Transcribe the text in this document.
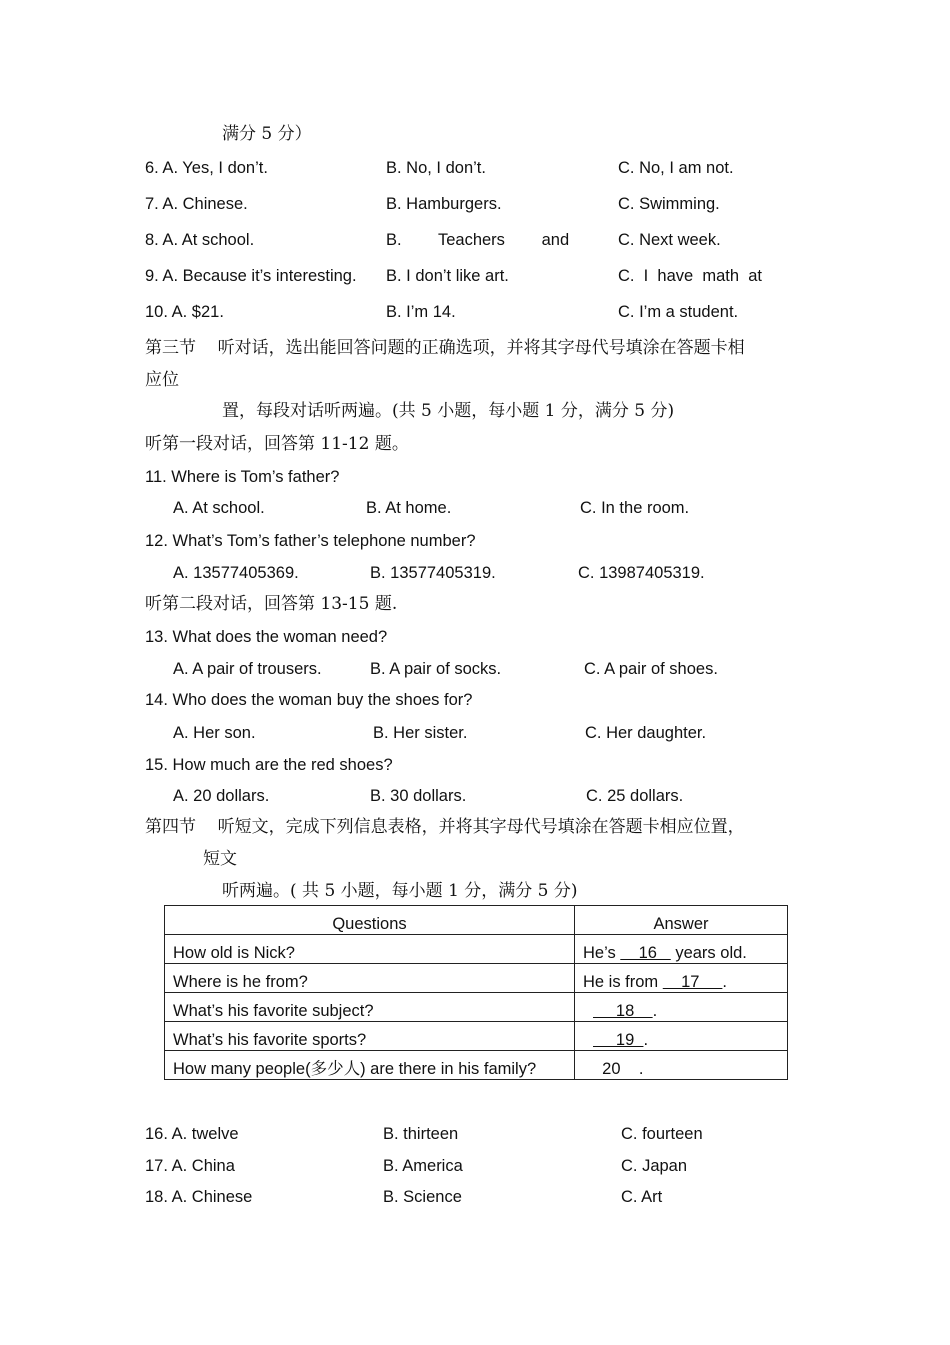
满分 5 分）
6. A. Yes, I don’t.	B. No, I don’t.	C. No, I am not.
7. A. Chinese.	B. Hamburgers.	C. Swimming.
8. A. At school.	B.        Teachers        and	C. Next week.
9. A. Because it’s interesting. B. I don’t like art.	C.  I  have  math  at
10. A. $21.	B. I’m 14.	C. I’m a student.
第三节    听对话，选出能回答问题的正确选项，并将其字母代号填涂在答题卡相
应位
置，每段对话听两遍。(共 5 小题，每小题 1 分，满分 5 分)
听第一段对话，回答第 11-12 题。
11. Where is Tom’s father?
A. At school.	B. At home.	C. In the room.
12. What’s Tom’s father’s telephone number?
A. 13577405369.	B. 13577405319.	C. 13987405319.
听第二段对话，回答第 13-15 题.
13. What does the woman need?
A. A pair of trousers.	B. A pair of socks.	C. A pair of shoes.
14. Who does the woman buy the shoes for?
A. Her son.	B. Her sister.	C. Her daughter.
15. How much are the red shoes?
A. 20 dollars.	B. 30 dollars.	C. 25 dollars.
第四节    听短文，完成下列信息表格，并将其字母代号填涂在答题卡相应位置，
短文
听两遍。( 共 5 小题，每小题 1 分，满分 5 分)
Questions	Answer
How old is Nick?	He’s     16    years old.
Where is he from?	He is from     17     .
What’s his favorite subject?	18    .
What’s his favorite sports?	19  .
How many people(多少人) are there in his family?	20    .
16. A. twelve	B. thirteen	C. fourteen
17. A. China	B. America	C. Japan
18. A. Chinese	B. Science	C. Art
